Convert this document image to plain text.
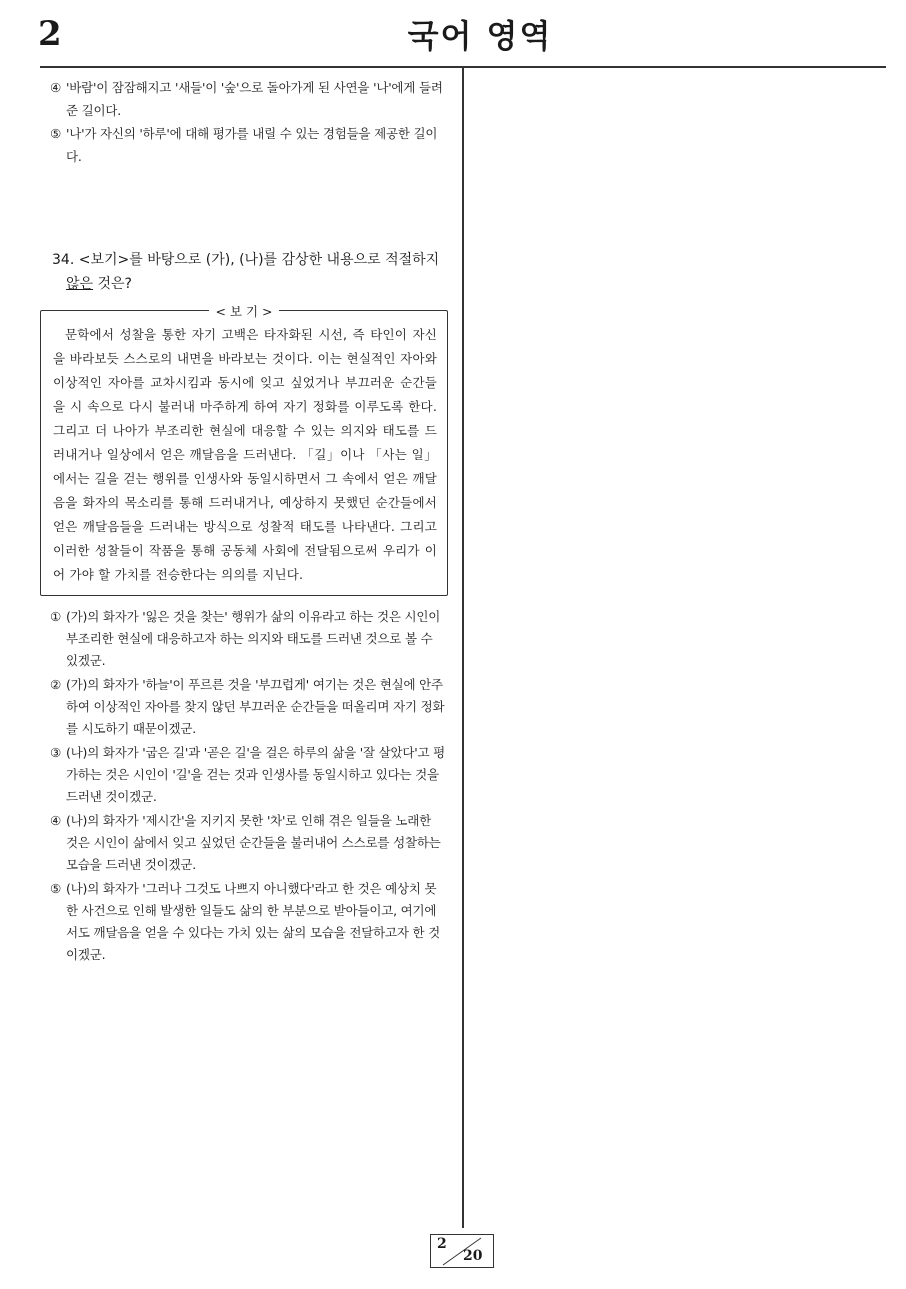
2	국어 영역
④ '바람'이 잠잠해지고 '새들'이 '숲'으로 돌아가게 된 사연을 '나'에게 들려준 길이다.
⑤ '나'가 자신의 '하루'에 대해 평가를 내릴 수 있는 경험들을 제공한 길이다.
34. <보기>를 바탕으로 (가), (나)를 감상한 내용으로 적절하지 않은 것은?
< 보 기 >
문학에서 성찰을 통한 자기 고백은 타자화된 시선, 즉 타인이 자신을 바라보듯 스스로의 내면을 바라보는 것이다. 이는 현실적인 자아와 이상적인 자아를 교차시킴과 동시에 잊고 싶었거나 부끄러운 순간들을 시 속으로 다시 불러내 마주하게 하여 자기 정화를 이루도록 한다. 그리고 더 나아가 부조리한 현실에 대응할 수 있는 의지와 태도를 드러내거나 일상에서 얻은 깨달음을 드러낸다. 「길」이나 「사는 일」에서는 길을 걷는 행위를 인생사와 동일시하면서 그 속에서 얻은 깨달음을 화자의 목소리를 통해 드러내거나, 예상하지 못했던 순간들에서 얻은 깨달음들을 드러내는 방식으로 성찰적 태도를 나타낸다. 그리고 이러한 성찰들이 작품을 통해 공동체 사회에 전달됨으로써 우리가 이어 가야 할 가치를 전승한다는 의의를 지닌다.
① (가)의 화자가 '잃은 것을 찾는' 행위가 삶의 이유라고 하는 것은 시인이 부조리한 현실에 대응하고자 하는 의지와 태도를 드러낸 것으로 볼 수 있겠군.
② (가)의 화자가 '하늘'이 푸르른 것을 '부끄럽게' 여기는 것은 현실에 안주하여 이상적인 자아를 찾지 않던 부끄러운 순간들을 떠올리며 자기 정화를 시도하기 때문이겠군.
③ (나)의 화자가 '굽은 길'과 '곧은 길'을 걸은 하루의 삶을 '잘 살았다'고 평가하는 것은 시인이 '길'을 걷는 것과 인생사를 동일시하고 있다는 것을 드러낸 것이겠군.
④ (나)의 화자가 '제시간'을 지키지 못한 '차'로 인해 겪은 일들을 노래한 것은 시인이 삶에서 잊고 싶었던 순간들을 불러내어 스스로를 성찰하는 모습을 드러낸 것이겠군.
⑤ (나)의 화자가 '그러나 그것도 나쁘지 아니했다'라고 한 것은 예상치 못한 사건으로 인해 발생한 일들도 삶의 한 부분으로 받아들이고, 여기에서도 깨달음을 얻을 수 있다는 가치 있는 삶의 모습을 전달하고자 한 것이겠군.
2
20
